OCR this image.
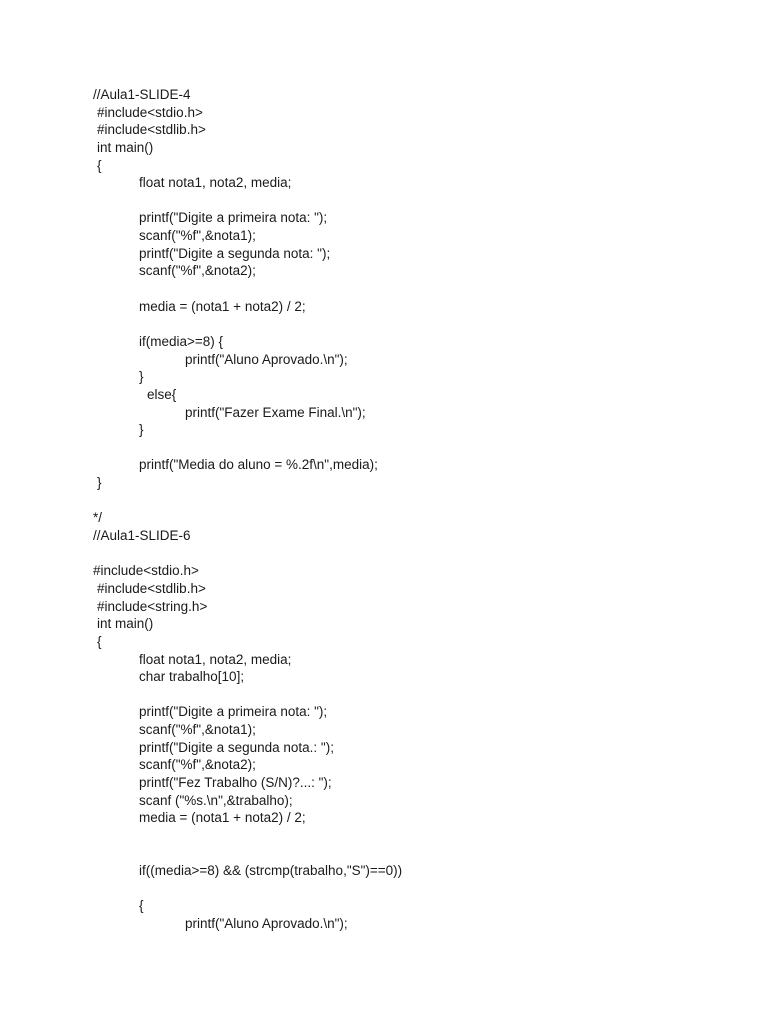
//Aula1-SLIDE-4
#include<stdio.h>
#include<stdlib.h>
int main()
{
float nota1, nota2, media;
printf("Digite a primeira nota: ");
scanf("%f",&nota1);
printf("Digite a segunda nota: ");
scanf("%f",&nota2);
media = (nota1 + nota2) / 2;
if(media>=8) {
printf("Aluno Aprovado.\n");
}
else{
printf("Fazer Exame Final.\n");
}
printf("Media do aluno = %.2f\n",media);
}
*/
//Aula1-SLIDE-6
#include<stdio.h>
#include<stdlib.h>
#include<string.h>
int main()
{
float nota1, nota2, media;
char trabalho[10];
printf("Digite a primeira nota: ");
scanf("%f",&nota1);
printf("Digite a segunda nota.: ");
scanf("%f",&nota2);
printf("Fez Trabalho (S/N)?...: ");
scanf ("%s.\n",&trabalho);
media = (nota1 + nota2) / 2;
if((media>=8) && (strcmp(trabalho,"S")==0))
{
printf("Aluno Aprovado.\n");
